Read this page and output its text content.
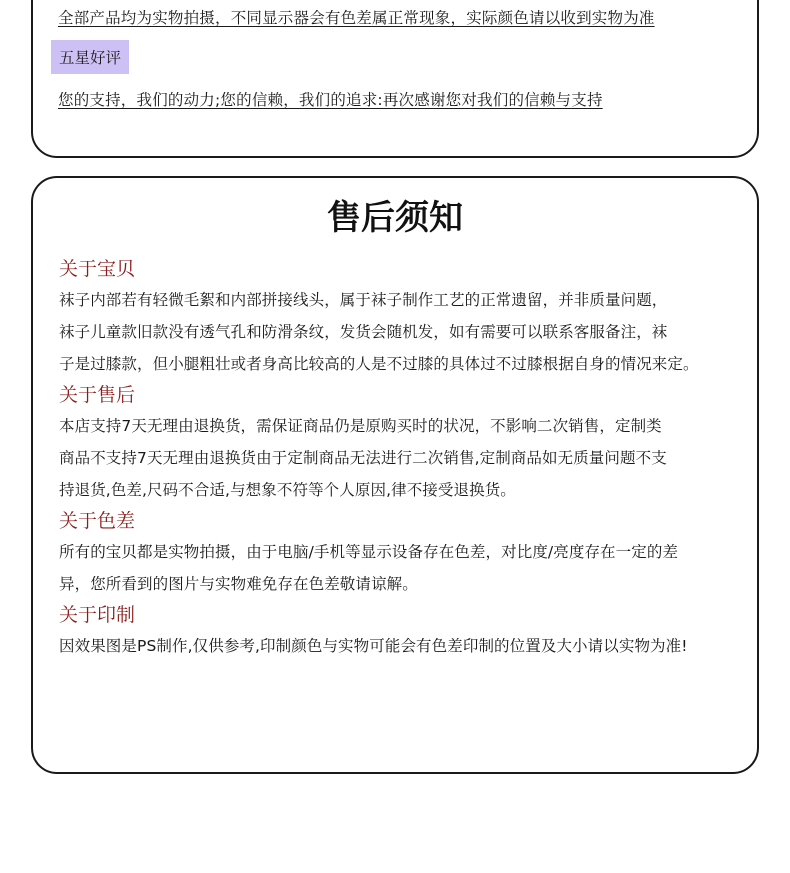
全部产品均为实物拍摄，不同显示器会有色差属正常现象，实际颜色请以收到实物为准
五星好评
您的支持，我们的动力;您的信赖，我们的追求:再次感谢您对我们的信赖与支持
售后须知
关于宝贝
袜子内部若有轻微毛絮和内部拼接线头，属于袜子制作工艺的正常遗留，并非质量问题，
袜子儿童款旧款没有透气孔和防滑条纹，发货会随机发，如有需要可以联系客服备注，袜
子是过膝款，但小腿粗壮或者身高比较高的人是不过膝的具体过不过膝根据自身的情况来定。
关于售后
本店支持7天无理由退换货，需保证商品仍是原购买时的状况，不影响二次销售，定制类
商品不支持7天无理由退换货由于定制商品无法进行二次销售,定制商品如无质量问题不支
持退货,色差,尺码不合适,与想象不符等个人原因,律不接受退换货。
关于色差
所有的宝贝都是实物拍摄，由于电脑/手机等显示设备存在色差，对比度/亮度存在一定的差
异，您所看到的图片与实物难免存在色差敬请谅解。
关于印制
因效果图是PS制作,仅供参考,印制颜色与实物可能会有色差印制的位置及大小请以实物为准!
